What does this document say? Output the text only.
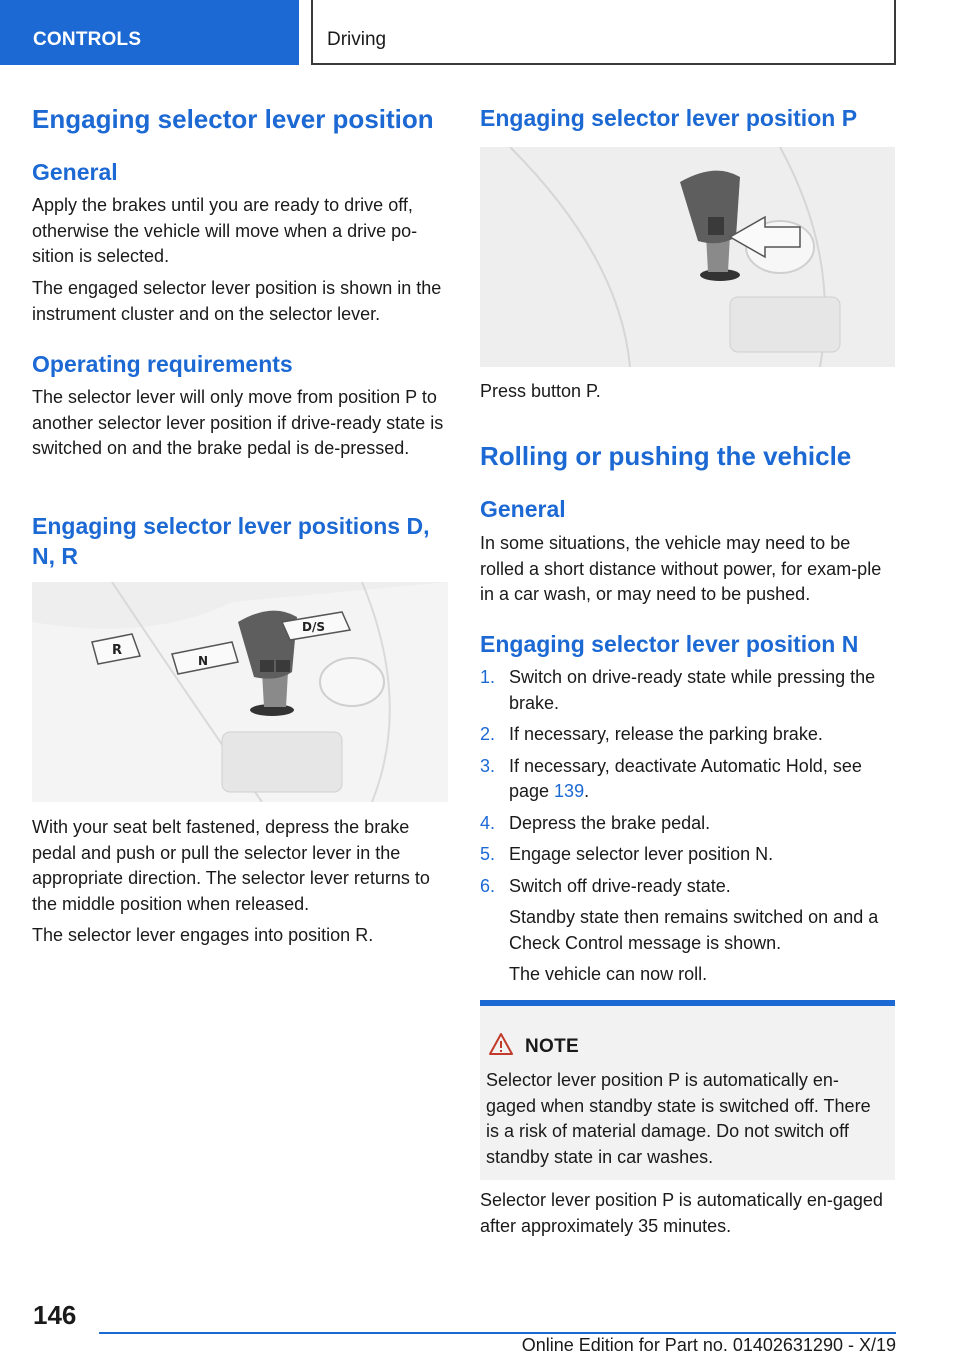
CONTROLS	Driving
Engaging selector lever position
General
Apply the brakes until you are ready to drive off, otherwise the vehicle will move when a drive po-sition is selected.
The engaged selector lever position is shown in the instrument cluster and on the selector lever.
Operating requirements
The selector lever will only move from position P to another selector lever position if drive-ready state is switched on and the brake pedal is de-pressed.
Engaging selector lever positions D, N, R
R
N
D/S
With your seat belt fastened, depress the brake pedal and push or pull the selector lever in the appropriate direction. The selector lever returns to the middle position when released.
The selector lever engages into position R.
Engaging selector lever position P
Press button P.
Rolling or pushing the vehicle
General
In some situations, the vehicle may need to be rolled a short distance without power, for exam-ple in a car wash, or may need to be pushed.
Engaging selector lever position N
1. Switch on drive-ready state while pressing the brake.
2. If necessary, release the parking brake.
3. If necessary, deactivate Automatic Hold, see page 139.
4. Depress the brake pedal.
5. Engage selector lever position N.
6. Switch off drive-ready state.
Standby state then remains switched on and a Check Control message is shown.
The vehicle can now roll.
NOTE
Selector lever position P is automatically en-gaged when standby state is switched off. There is a risk of material damage. Do not switch off standby state in car washes.
Selector lever position P is automatically en-gaged after approximately 35 minutes.
146
Online Edition for Part no. 01402631290 - X/19
